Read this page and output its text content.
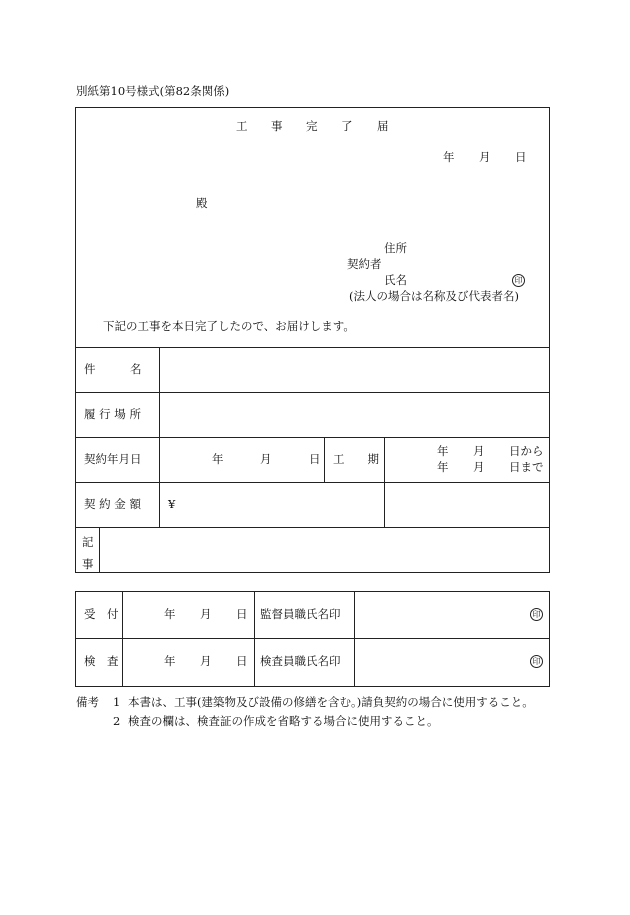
別紙第10号様式(第82条関係)
工 事 完 了 届
年 月 日
殿
住所
契約者
氏名	印
(法人の場合は名称及び代表者名)
下記の工事を本日完了したので、お届けします。
件　　　名
履 行 場 所
契約年月日	年	月	日 工　　期
年 月 日から
年 月 日まで
契 約 金 額 ¥
記
事
受　付	年 月 日 監督員職氏名印	印
検　査	年 月 日 検査員職氏名印	印
備考 1 本書は、工事(建築物及び設備の修繕を含む。)請負契約の場合に使用すること。
2 検査の欄は、検査証の作成を省略する場合に使用すること。
